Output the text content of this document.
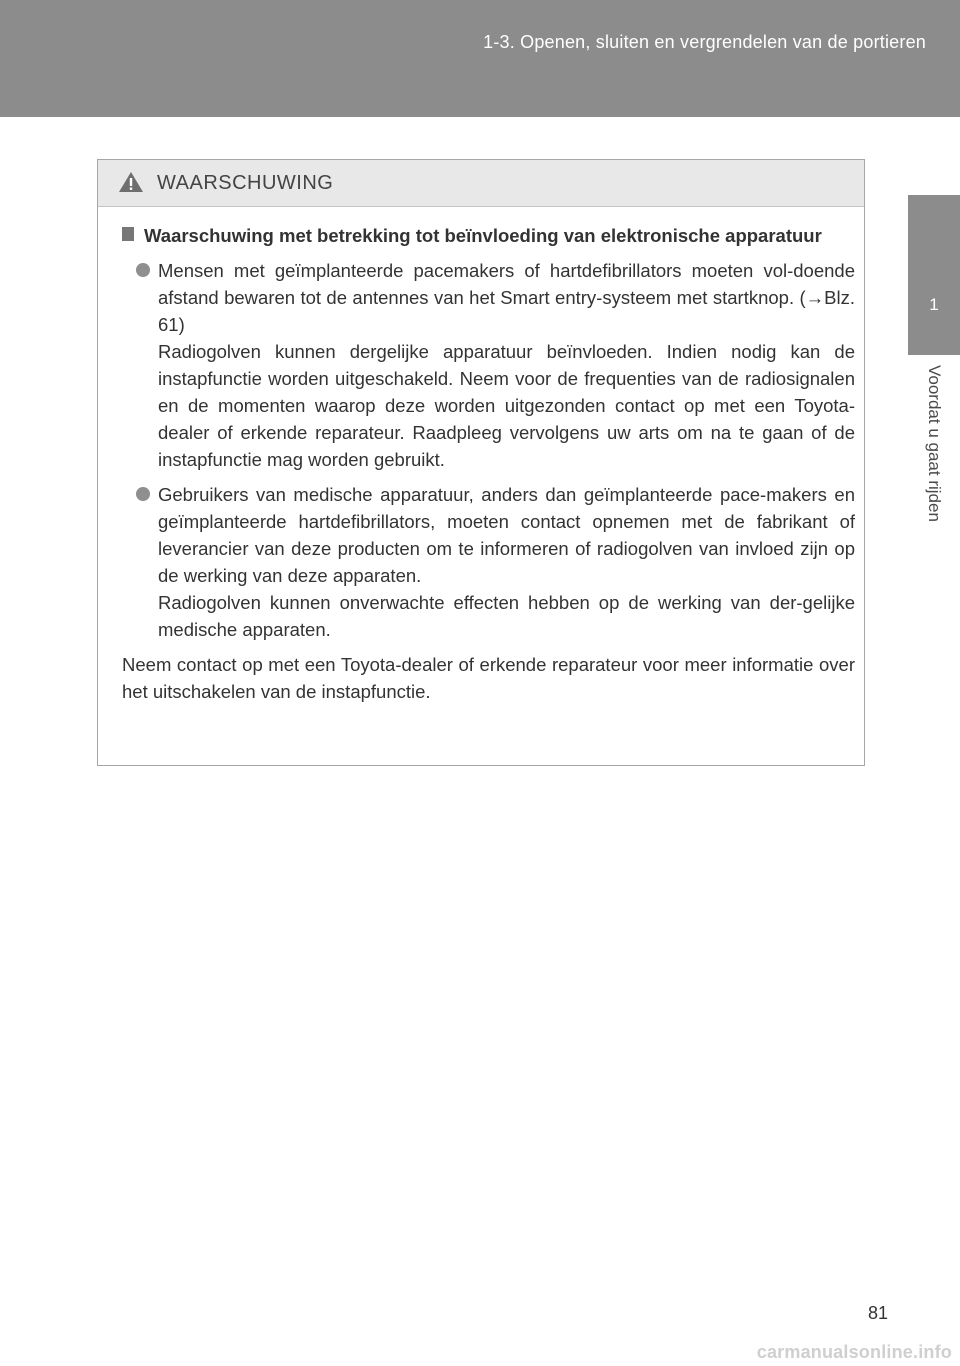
1-3. Openen, sluiten en vergrendelen van de portieren
1
Voordat u gaat rijden
WAARSCHUWING
Waarschuwing met betrekking tot beïnvloeding van elektronische apparatuur

Mensen met geïmplanteerde pacemakers of hartdefibrillators moeten vol-doende afstand bewaren tot de antennes van het Smart entry-systeem met startknop. (→Blz. 61)

Radiogolven kunnen dergelijke apparatuur beïnvloeden. Indien nodig kan de instapfunctie worden uitgeschakeld. Neem voor de frequenties van de radiosignalen en de momenten waarop deze worden uitgezonden contact op met een Toyota-dealer of erkende reparateur. Raadpleeg vervolgens uw arts om na te gaan of de instapfunctie mag worden gebruikt.

Gebruikers van medische apparatuur, anders dan geïmplanteerde pace-makers en geïmplanteerde hartdefibrillators, moeten contact opnemen met de fabrikant of leverancier van deze producten om te informeren of radiogolven van invloed zijn op de werking van deze apparaten.

Radiogolven kunnen onverwachte effecten hebben op de werking van der-gelijke medische apparaten.

Neem contact op met een Toyota-dealer of erkende reparateur voor meer informatie over het uitschakelen van de instapfunctie.
81
carmanualsonline.info
